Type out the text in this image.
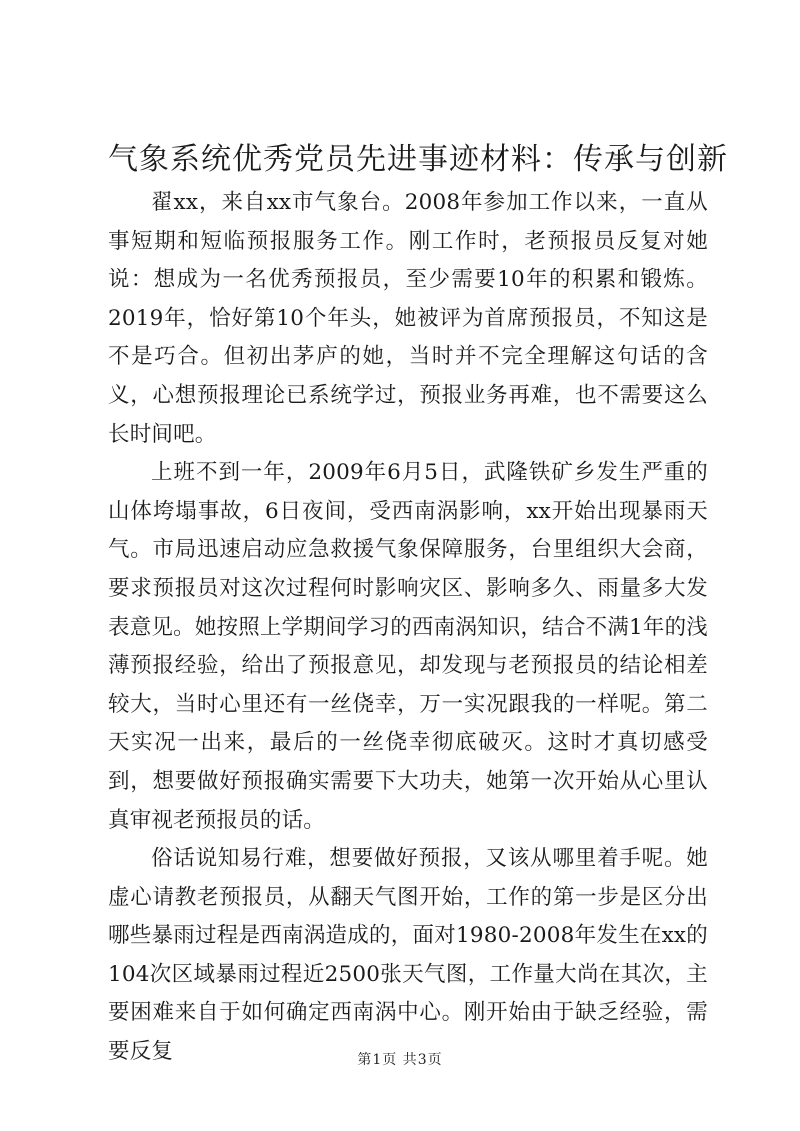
气象系统优秀党员先进事迹材料：传承与创新

翟xx，来自xx市气象台。2008年参加工作以来，一直从事短期和短临预报服务工作。刚工作时，老预报员反复对她说：想成为一名优秀预报员，至少需要10年的积累和锻炼。2019年，恰好第10个年头，她被评为首席预报员，不知这是不是巧合。但初出茅庐的她，当时并不完全理解这句话的含义，心想预报理论已系统学过，预报业务再难，也不需要这么长时间吧。

上班不到一年，2009年6月5日，武隆铁矿乡发生严重的山体垮塌事故，6日夜间，受西南涡影响，xx开始出现暴雨天气。市局迅速启动应急救援气象保障服务，台里组织大会商，要求预报员对这次过程何时影响灾区、影响多久、雨量多大发表意见。她按照上学期间学习的西南涡知识，结合不满1年的浅薄预报经验，给出了预报意见，却发现与老预报员的结论相差较大，当时心里还有一丝侥幸，万一实况跟我的一样呢。第二天实况一出来，最后的一丝侥幸彻底破灭。这时才真切感受到，想要做好预报确实需要下大功夫，她第一次开始从心里认真审视老预报员的话。

俗话说知易行难，想要做好预报，又该从哪里着手呢。她虚心请教老预报员，从翻天气图开始，工作的第一步是区分出哪些暴雨过程是西南涡造成的，面对1980-2008年发生在xx的104次区域暴雨过程近2500张天气图，工作量大尚在其次，主要困难来自于如何确定西南涡中心。刚开始由于缺乏经验，需要反复	第1页 共3页
